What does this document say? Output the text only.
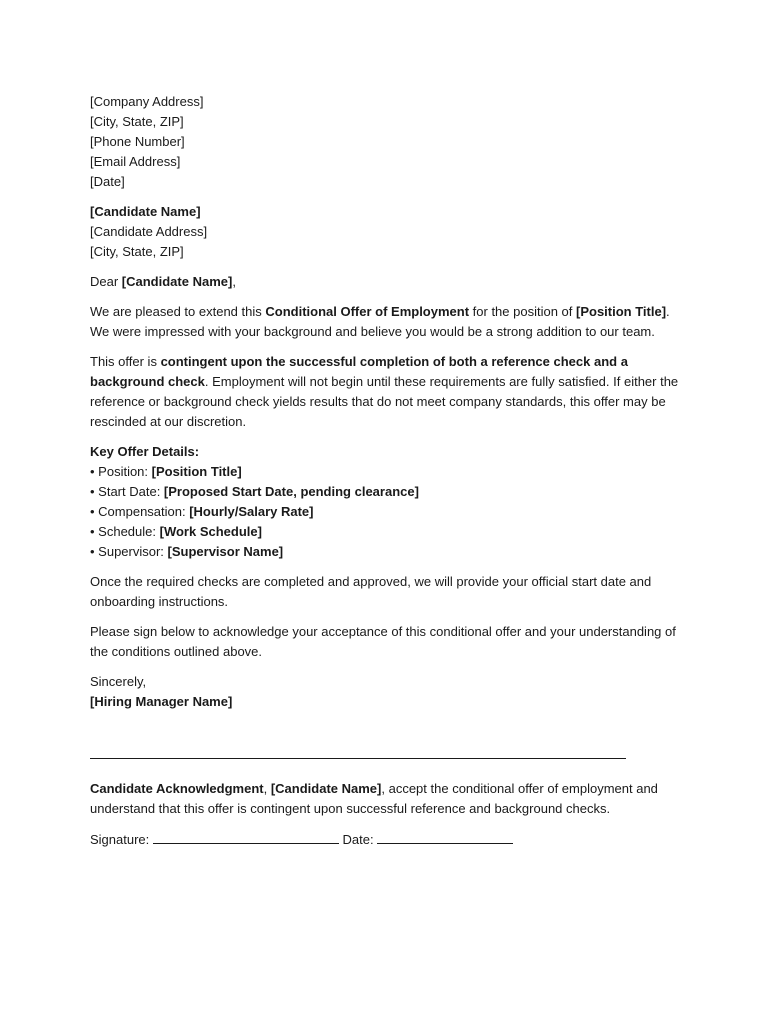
[Company Address]
[City, State, ZIP]
[Phone Number]
[Email Address]
[Date]
[Candidate Name]
[Candidate Address]
[City, State, ZIP]

Dear [Candidate Name],

We are pleased to extend this Conditional Offer of Employment for the position of [Position Title]. We were impressed with your background and believe you would be a strong addition to our team.

This offer is contingent upon the successful completion of both a reference check and a background check. Employment will not begin until these requirements are fully satisfied. If either the reference or background check yields results that do not meet company standards, this offer may be rescinded at our discretion.

Key Offer Details:
• Position: [Position Title]
• Start Date: [Proposed Start Date, pending clearance]
• Compensation: [Hourly/Salary Rate]
• Schedule: [Work Schedule]
• Supervisor: [Supervisor Name]

Once the required checks are completed and approved, we will provide your official start date and onboarding instructions.

Please sign below to acknowledge your acceptance of this conditional offer and your understanding of the conditions outlined above.

Sincerely,
[Hiring Manager Name]

Candidate Acknowledgment, [Candidate Name], accept the conditional offer of employment and understand that this offer is contingent upon successful reference and background checks.

Signature:	Date:
